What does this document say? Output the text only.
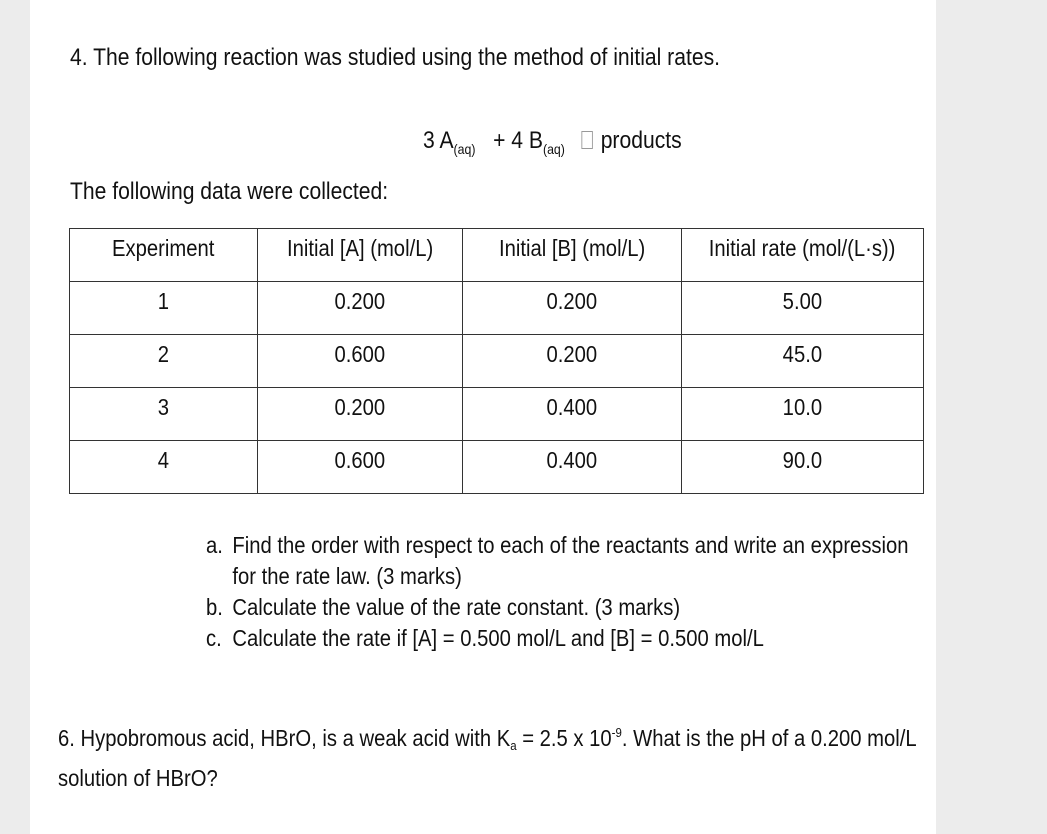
4. The following reaction was studied using the method of initial rates.
3 $A_{(aq)} + 4$ $B_{(aq)}$ products
The following data were collected:
Experiment	Initial [A] (mol/L)	Initial [B] (mol/L)	Initial rate (mol/(L·s))
1	0.200	0.200	5.00
2	0.600	0.200	45.0
3	0.200	0.400	10.0
4	0.600	0.400	90.0
a. Find the order with respect to each of the reactants and write an expression
for the rate law. (3 marks)
b. Calculate the value of the rate constant. (3 marks)
c. Calculate the rate if [A] = 0.500 mol/L and [B] = 0.500 mol/L
6. Hypobromous acid, HBrO, is a weak acid with $K_a = 2.5$ x $10^{-9}$. What is the pH of a 0.200 mol/L
solution of HBrO?
